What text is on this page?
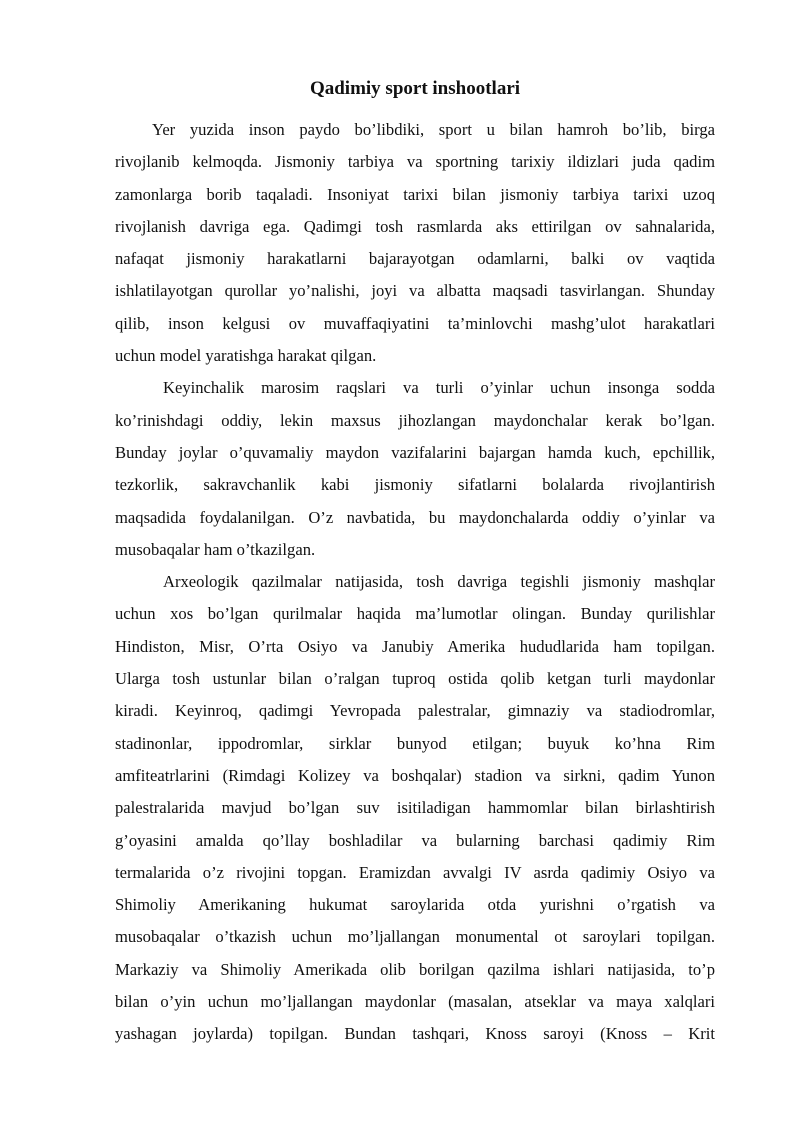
Qadimiy sport inshootlari

Yer yuzida inson paydo bo’libdiki, sport u bilan hamroh bo’lib, birga
rivojlanib kelmoqda. Jismoniy tarbiya va sportning tarixiy ildizlari juda qadim
zamonlarga borib taqaladi. Insoniyat tarixi bilan jismoniy tarbiya tarixi uzoq
rivojlanish davriga ega. Qadimgi tosh rasmlarda aks ettirilgan ov sahnalarida,
nafaqat jismoniy harakatlarni bajarayotgan odamlarni, balki ov vaqtida
ishlatilayotgan qurollar yo’nalishi, joyi va albatta maqsadi tasvirlangan. Shunday
qilib, inson kelgusi ov muvaffaqiyatini ta’minlovchi mashg’ulot harakatlari
uchun model yaratishga harakat qilgan.

Keyinchalik marosim raqslari va turli o’yinlar uchun insonga sodda
ko’rinishdagi oddiy, lekin maxsus jihozlangan maydonchalar kerak bo’lgan.
Bunday joylar o’quvamaliy maydon vazifalarini bajargan hamda kuch, epchillik,
tezkorlik, sakravchanlik kabi jismoniy sifatlarni bolalarda rivojlantirish
maqsadida foydalanilgan. O’z navbatida, bu maydonchalarda oddiy o’yinlar va
musobaqalar ham o’tkazilgan.

Arxeologik qazilmalar natijasida, tosh davriga tegishli jismoniy mashqlar
uchun xos bo’lgan qurilmalar haqida ma’lumotlar olingan. Bunday qurilishlar
Hindiston, Misr, O’rta Osiyo va Janubiy Amerika hududlarida ham topilgan.
Ularga tosh ustunlar bilan o’ralgan tuproq ostida qolib ketgan turli maydonlar
kiradi. Keyinroq, qadimgi Yevropada palestralar, gimnaziy va stadiodromlar,
stadinonlar, ippodromlar, sirklar bunyod etilgan; buyuk ko’hna Rim
amfiteatrlarini (Rimdagi Kolizey va boshqalar) stadion va sirkni, qadim Yunon
palestralarida mavjud bo’lgan suv isitiladigan hammomlar bilan birlashtirish
g’oyasini amalda qo’llay boshladilar va bularning barchasi qadimiy Rim
termalarida o’z rivojini topgan. Eramizdan avvalgi IV asrda qadimiy Osiyo va
Shimoliy Amerikaning hukumat saroylarida otda yurishni o’rgatish va
musobaqalar o’tkazish uchun mo’ljallangan monumental ot saroylari topilgan.
Markaziy va Shimoliy Amerikada olib borilgan qazilma ishlari natijasida, to’p
bilan o’yin uchun mo’ljallangan maydonlar (masalan, atseklar va maya xalqlari
yashagan joylarda) topilgan. Bundan tashqari, Knoss saroyi (Knoss – Krit
